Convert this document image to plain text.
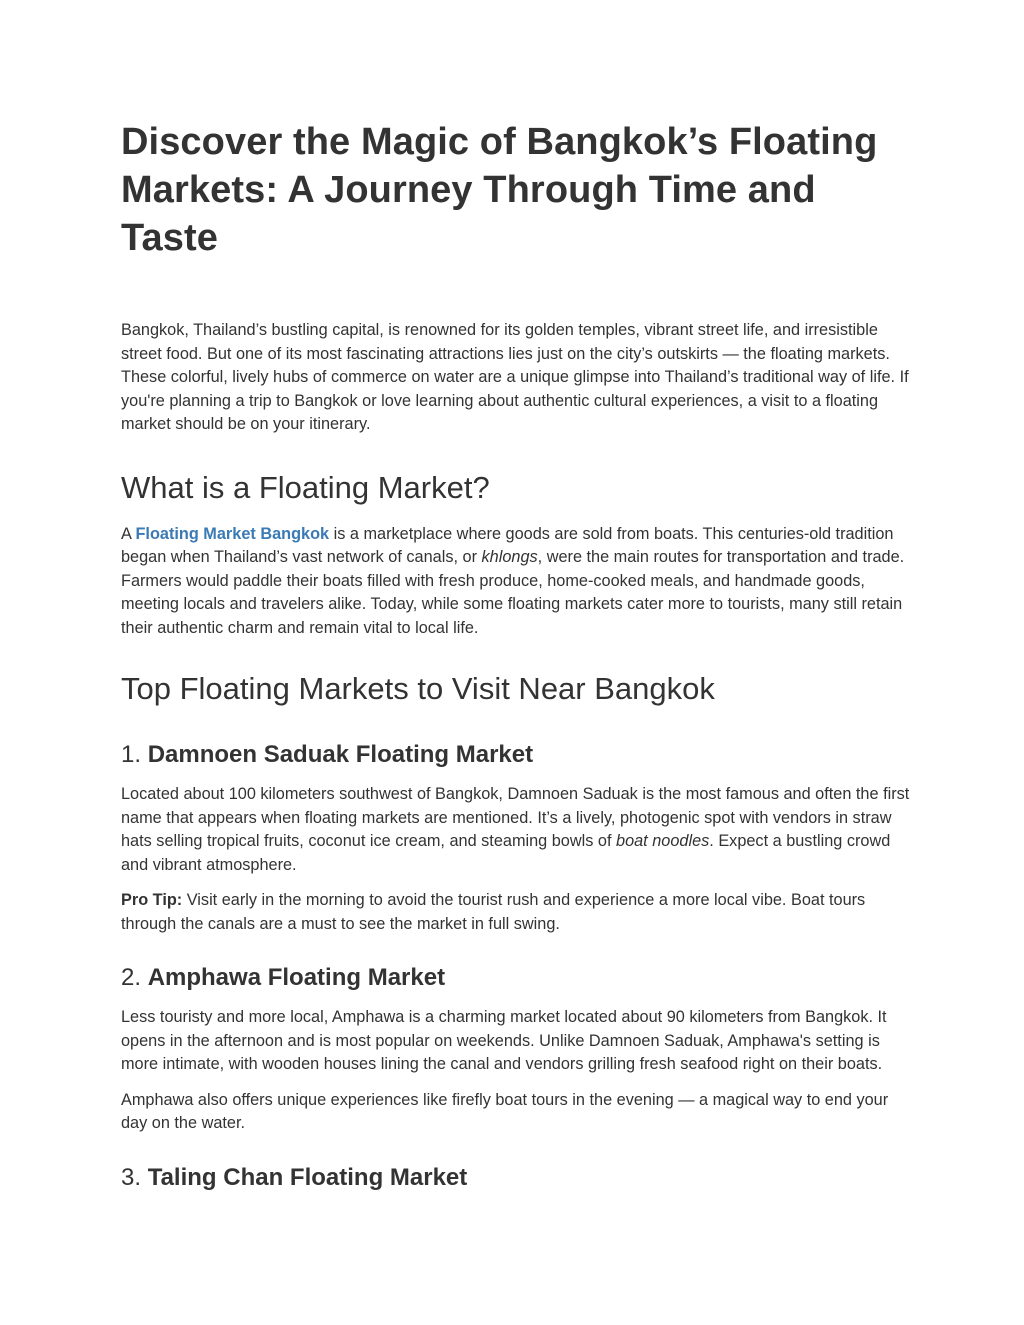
Discover the Magic of Bangkok’s Floating Markets: A Journey Through Time and Taste

Bangkok, Thailand’s bustling capital, is renowned for its golden temples, vibrant street life, and irresistible street food. But one of its most fascinating attractions lies just on the city’s outskirts — the floating markets. These colorful, lively hubs of commerce on water are a unique glimpse into Thailand’s traditional way of life. If you're planning a trip to Bangkok or love learning about authentic cultural experiences, a visit to a floating market should be on your itinerary.

What is a Floating Market?

A Floating Market Bangkok is a marketplace where goods are sold from boats. This centuries-old tradition began when Thailand’s vast network of canals, or khlongs, were the main routes for transportation and trade. Farmers would paddle their boats filled with fresh produce, home-cooked meals, and handmade goods, meeting locals and travelers alike. Today, while some floating markets cater more to tourists, many still retain their authentic charm and remain vital to local life.

Top Floating Markets to Visit Near Bangkok
1. Damnoen Saduak Floating Market

Located about 100 kilometers southwest of Bangkok, Damnoen Saduak is the most famous and often the first name that appears when floating markets are mentioned. It’s a lively, photogenic spot with vendors in straw hats selling tropical fruits, coconut ice cream, and steaming bowls of boat noodles. Expect a bustling crowd and vibrant atmosphere.

Pro Tip: Visit early in the morning to avoid the tourist rush and experience a more local vibe. Boat tours through the canals are a must to see the market in full swing.

2. Amphawa Floating Market

Less touristy and more local, Amphawa is a charming market located about 90 kilometers from Bangkok. It opens in the afternoon and is most popular on weekends. Unlike Damnoen Saduak, Amphawa's setting is more intimate, with wooden houses lining the canal and vendors grilling fresh seafood right on their boats.

Amphawa also offers unique experiences like firefly boat tours in the evening — a magical way to end your day on the water.

3. Taling Chan Floating Market
